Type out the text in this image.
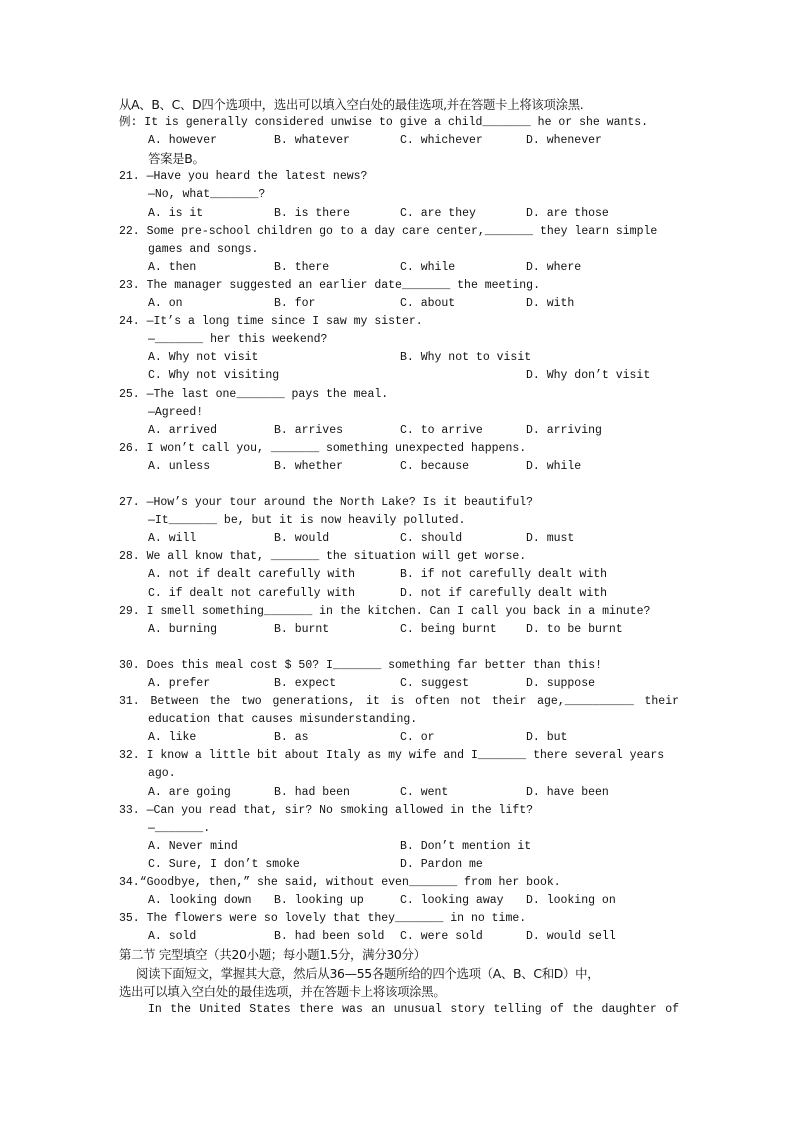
从A、B、C、D四个选项中，选出可以填入空白处的最佳选项,并在答题卡上将该项涂黑.
例: It is generally considered unwise to give a child_______ he or she wants.
A. however	B. whatever	C. whichever	D. whenever
答案是B。
21. —Have you heard the latest news?
—No, what_______?
A. is it	B. is there	C. are they	D. are those
22. Some pre-school children go to a day care center,_______ they learn simple
games and songs.
A. then	B. there	C. while	D. where
23. The manager suggested an earlier date_______ the meeting.
A. on	B. for	C. about	D. with
24. —It’s a long time since I saw my sister.
—_______ her this weekend?
A. Why not visit	B. Why not to visit
C. Why not visiting	D. Why don’t visit
25. —The last one_______ pays the meal.
—Agreed!
A. arrived	B. arrives	C. to arrive	D. arriving
26. I won’t call you, _______ something unexpected happens.
A. unless	B. whether	C. because	D. while
27. —How’s your tour around the North Lake? Is it beautiful?
—It_______ be, but it is now heavily polluted.
A. will	B. would	C. should	D. must
28. We all know that, _______ the situation will get worse.
A. not if dealt carefully with	B. if not carefully dealt with
C. if dealt not carefully with	D. not if carefully dealt with
29. I smell something_______ in the kitchen. Can I call you back in a minute?
A. burning	B. burnt	C. being burnt	D. to be burnt
30. Does this meal cost $ 50? I_______ something far better than this!
A. prefer	B. expect	C. suggest	D. suppose
31. Between the two generations, it is often not their age,__________ their
education that causes misunderstanding.
A. like	B. as	C. or	D. but
32. I know a little bit about Italy as my wife and I_______ there several years
ago.
A. are going	B. had been	C. went	D. have been
33. —Can you read that, sir? No smoking allowed in the lift?
—_______.
A. Never mind	B. Don’t mention it
C. Sure, I don’t smoke	D. Pardon me
34.“Goodbye, then,” she said, without even_______ from her book.
A. looking down	B. looking up	C. looking away	D. looking on
35. The flowers were so lovely that they_______ in no time.
A. sold	B. had been sold	C. were sold	D. would sell
第二节 完型填空（共20小题；每小题1.5分，满分30分）
阅读下面短文，掌握其大意，然后从36—55各题所给的四个选项（A、B、C和D）中，
选出可以填入空白处的最佳选项，并在答题卡上将该项涂黑。
In the United States there was an unusual story telling of the daughter of
